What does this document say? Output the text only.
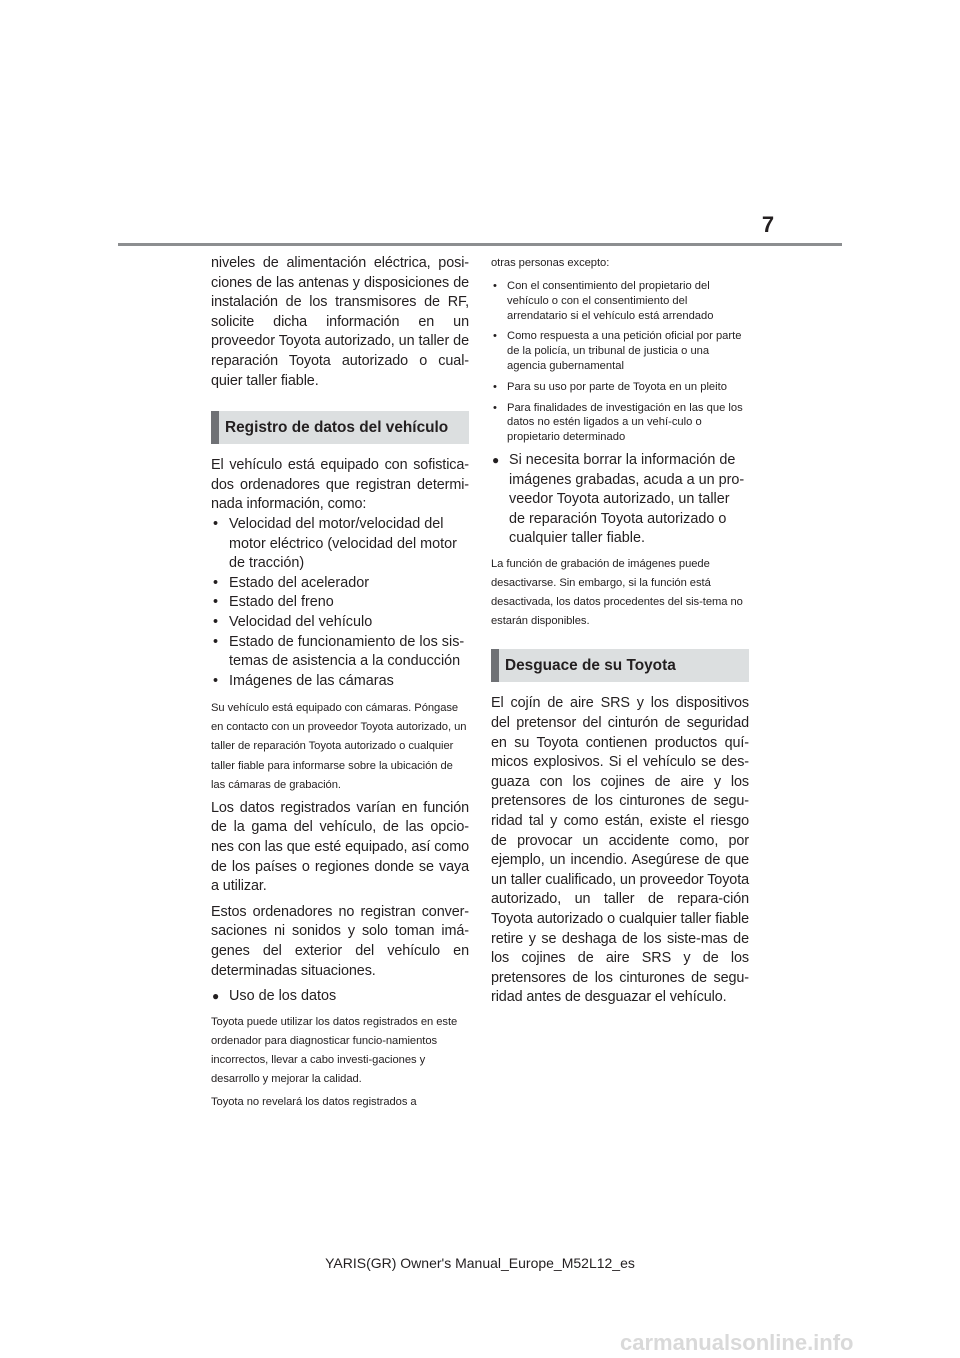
7

niveles de alimentación eléctrica, posi-ciones de las antenas y disposiciones de instalación de los transmisores de RF, solicite dicha información en un proveedor Toyota autorizado, un taller de reparación Toyota autorizado o cual-quier taller fiable.

Registro de datos del vehículo

El vehículo está equipado con sofistica-dos ordenadores que registran determi-nada información, como:

• Velocidad del motor/velocidad del motor eléctrico (velocidad del motor de tracción)
• Estado del acelerador
• Estado del freno
• Velocidad del vehículo
• Estado de funcionamiento de los sis-temas de asistencia a la conducción
• Imágenes de las cámaras

Su vehículo está equipado con cámaras. Póngase en contacto con un proveedor Toyota autorizado, un taller de reparación Toyota autorizado o cualquier taller fiable para informarse sobre la ubicación de las cámaras de grabación.

Los datos registrados varían en función de la gama del vehículo, de las opcio-nes con las que esté equipado, así como de los países o regiones donde se vaya a utilizar.

Estos ordenadores no registran conver-saciones ni sonidos y solo toman imá-genes del exterior del vehículo en determinadas situaciones.

● Uso de los datos

Toyota puede utilizar los datos registrados en este ordenador para diagnosticar funcio-namientos incorrectos, llevar a cabo investi-gaciones y desarrollo y mejorar la calidad.

Toyota no revelará los datos registrados a

otras personas excepto:

• Con el consentimiento del propietario del vehículo o con el consentimiento del arrendatario si el vehículo está arrendado
• Como respuesta a una petición oficial por parte de la policía, un tribunal de justicia o una agencia gubernamental
• Para su uso por parte de Toyota en un pleito
• Para finalidades de investigación en las que los datos no estén ligados a un vehí-culo o propietario determinado
● Si necesita borrar la información de imágenes grabadas, acuda a un pro-veedor Toyota autorizado, un taller de reparación Toyota autorizado o cualquier taller fiable.

La función de grabación de imágenes puede desactivarse. Sin embargo, si la función está desactivada, los datos procedentes del sis-tema no estarán disponibles.

Desguace de su Toyota

El cojín de aire SRS y los dispositivos del pretensor del cinturón de seguridad en su Toyota contienen productos quí-micos explosivos. Si el vehículo se des-guaza con los cojines de aire y los pretensores de los cinturones de segu-ridad tal y como están, existe el riesgo de provocar un accidente como, por ejemplo, un incendio. Asegúrese de que un taller cualificado, un proveedor Toyota autorizado, un taller de repara-ción Toyota autorizado o cualquier taller fiable retire y se deshaga de los siste-mas de los cojines de aire SRS y de los pretensores de los cinturones de segu-ridad antes de desguazar el vehículo.

YARIS(GR) Owner's Manual_Europe_M52L12_es
carmanualsonline.info
